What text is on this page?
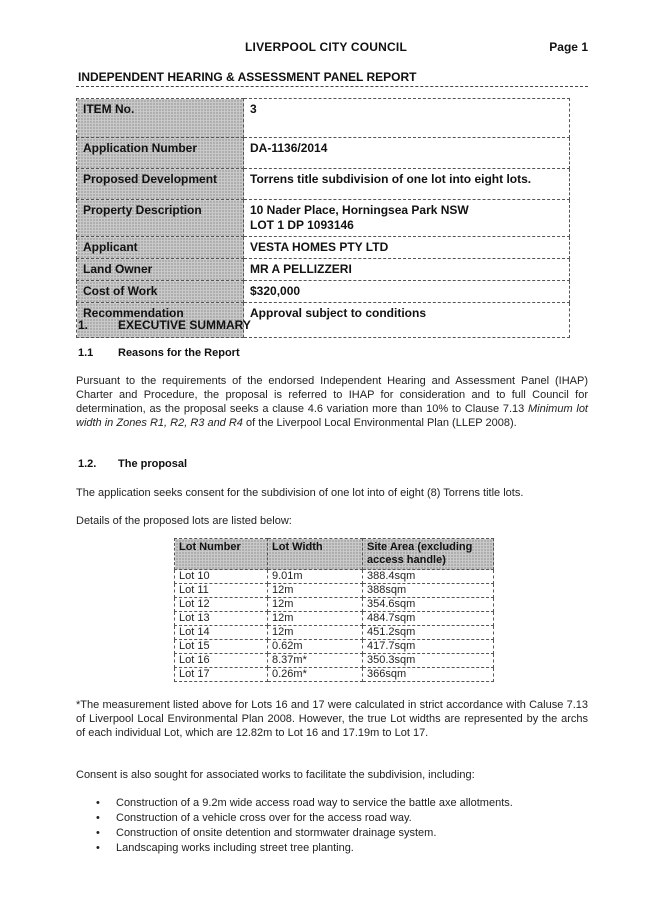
LIVERPOOL CITY COUNCIL	Page 1
INDEPENDENT HEARING & ASSESSMENT PANEL REPORT
ITEM No.	3
Application Number	DA-1136/2014
Proposed Development	Torrens title subdivision of one lot into eight lots.
Property Description	10 Nader Place, Horningsea Park NSW
LOT 1 DP 1093146

Applicant	VESTA HOMES PTY LTD
Land Owner	MR A PELLIZZERI
Cost of Work	$320,000
Recommendation	Approval subject to conditions
1. EXECUTIVE SUMMARY
1.1 Reasons for the Report
Pursuant to the requirements of the endorsed Independent Hearing and Assessment Panel (IHAP) Charter and Procedure, the proposal is referred to IHAP for consideration and to full Council for determination, as the proposal seeks a clause 4.6 variation more than 10% to Clause 7.13 Minimum lot width in Zones R1, R2, R3 and R4 of the Liverpool Local Environmental Plan (LLEP 2008).
1.2. The proposal
The application seeks consent for the subdivision of one lot into of eight (8) Torrens title lots.
Details of the proposed lots are listed below:
Lot Number	Lot Width	Site Area (excluding access handle)
Lot 10	9.01m	388.4sqm
Lot 11	12m	388sqm
Lot 12	12m	354.6sqm
Lot 13	12m	484.7sqm
Lot 14	12m	451.2sqm
Lot 15	0.62m	417.7sqm
Lot 16	8.37m*	350.3sqm
Lot 17	0.26m*	366sqm
*The measurement listed above for Lots 16 and 17 were calculated in strict accordance with Caluse 7.13 of Liverpool Local Environmental Plan 2008. However, the true Lot widths are represented by the archs of each individual Lot, which are 12.82m to Lot 16 and 17.19m to Lot 17.
Consent is also sought for associated works to facilitate the subdivision, including:
• Construction of a 9.2m wide access road way to service the battle axe allotments.
• Construction of a vehicle cross over for the access road way.
• Construction of onsite detention and stormwater drainage system.
• Landscaping works including street tree planting.
